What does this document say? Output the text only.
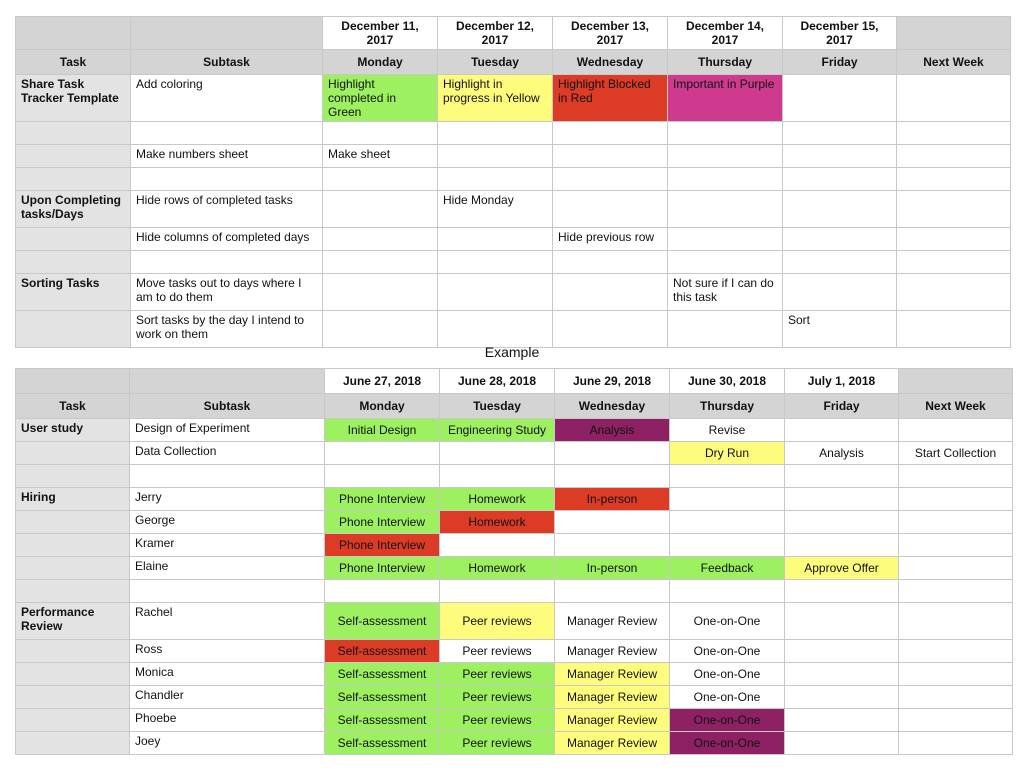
		December 11, 2017	December 12, 2017	December 13, 2017	December 14, 2017	December 15, 2017	
Task	Subtask	Monday	Tuesday	Wednesday	Thursday	Friday	Next Week
Share Task Tracker Template	Add coloring	Highlight completed in Green	Highlight in progress in Yellow	Highlight Blocked in Red	Important in Purple		

	Make numbers sheet	Make sheet					

Upon Completing tasks/Days	Hide rows of completed tasks		Hide Monday				
	Hide columns of completed days			Hide previous row			

Sorting Tasks	Move tasks out to days where I am to do them				Not sure if I can do this task		
	Sort tasks by the day I intend to work on them					Sort	
Example
		June 27, 2018	June 28, 2018	June 29, 2018	June 30, 2018	July 1, 2018	
Task	Subtask	Monday	Tuesday	Wednesday	Thursday	Friday	Next Week
User study	Design of Experiment	Initial Design	Engineering Study	Analysis	Revise		
	Data Collection				Dry Run	Analysis	Start Collection

Hiring	Jerry	Phone Interview	Homework	In-person			
	George	Phone Interview	Homework				
	Kramer	Phone Interview					
	Elaine	Phone Interview	Homework	In-person	Feedback	Approve Offer	

Performance Review	Rachel	Self-assessment	Peer reviews	Manager Review	One-on-One		
	Ross	Self-assessment	Peer reviews	Manager Review	One-on-One		
	Monica	Self-assessment	Peer reviews	Manager Review	One-on-One		
	Chandler	Self-assessment	Peer reviews	Manager Review	One-on-One		
	Phoebe	Self-assessment	Peer reviews	Manager Review	One-on-One		
	Joey	Self-assessment	Peer reviews	Manager Review	One-on-One		
